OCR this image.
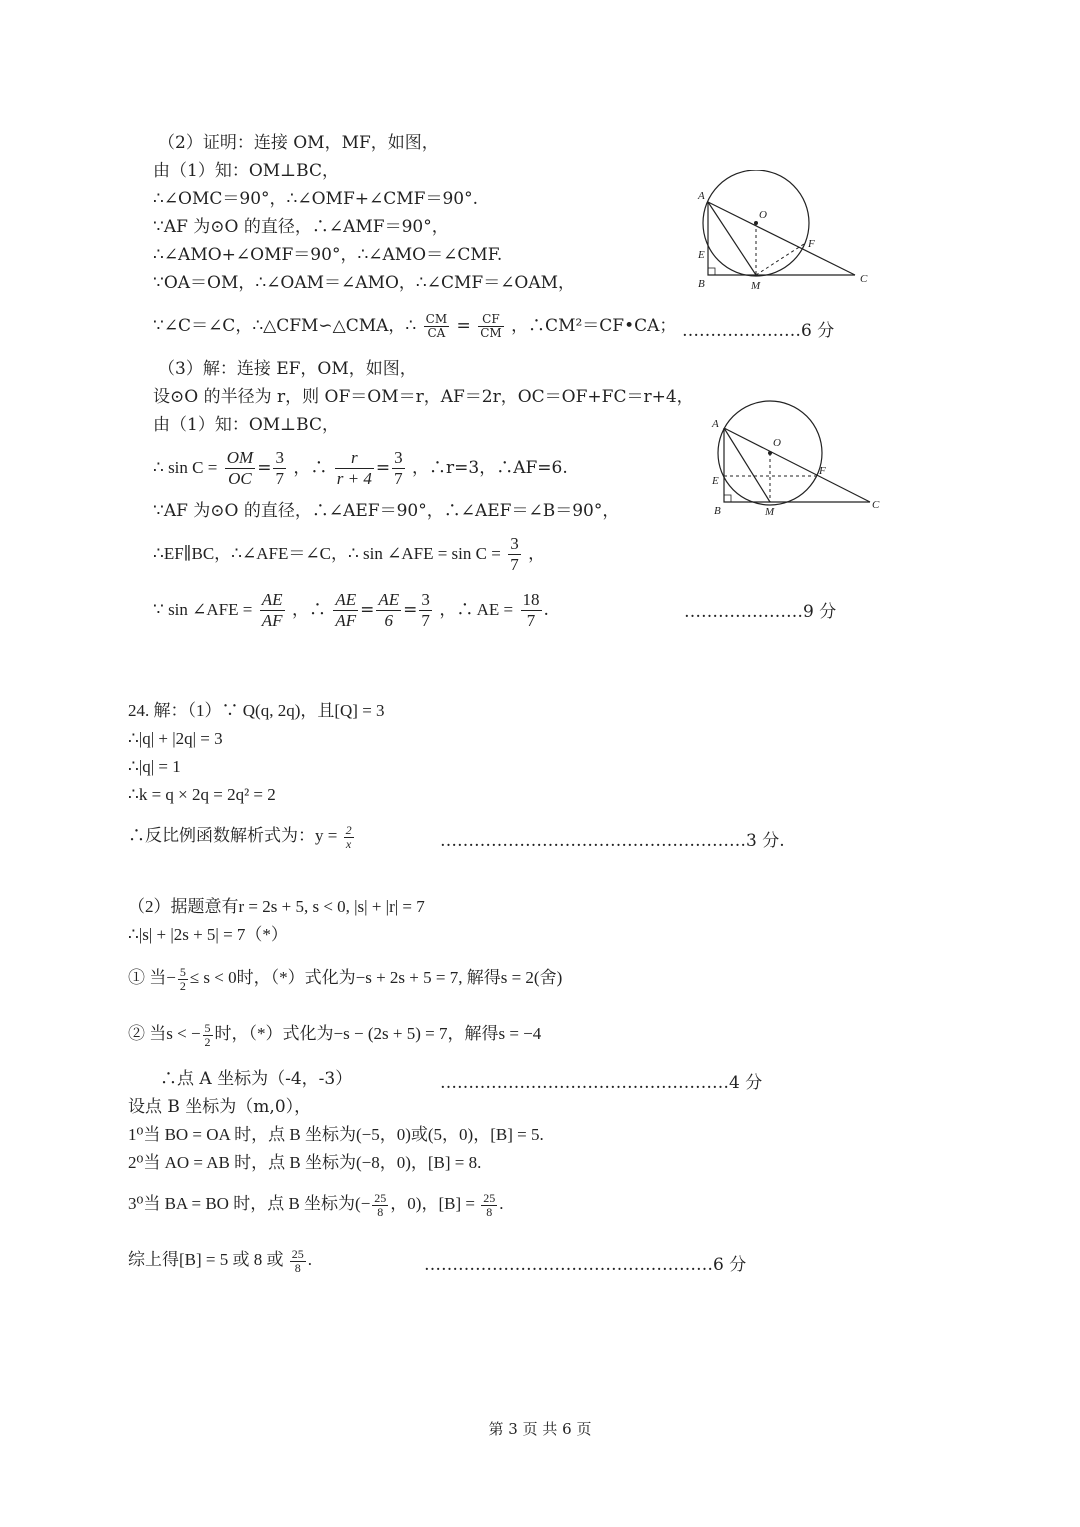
（2）证明：连接 OM，MF，如图，
由（1）知：OM⊥BC，
∴∠OMC＝90°，∴∠OMF+∠CMF＝90°.
∵AF 为⊙O 的直径，∴∠AMF＝90°，
∴∠AMO+∠OMF＝90°，∴∠AMO＝∠CMF.
∵OA＝OM，∴∠OAM＝∠AMO，∴∠CMF＝∠OAM，
∵∠C＝∠C，∴△CFM∽△CMA，∴ $\frac{CM}{CA} = \frac{CF}{CM}$ ，∴CM²＝CF•CA； …………………6 分
A
O
E
F
B	M
C
（3）解：连接 EF，OM，如图，
设⊙O 的半径为 r，则 OF＝OM＝r，AF＝2r，OC＝OF+FC＝r+4，
由（1）知：OM⊥BC，
∴ $\sin C = \frac{OM}{OC} = \frac{3}{7}$ ，∴ $\frac{r}{r + 4} = \frac{3}{7}$ ，∴r=3，∴AF=6.
∵AF 为⊙O 的直径，∴∠AEF＝90°，∴∠AEF＝∠B＝90°，
∴EF∥BC，∴∠AFE＝∠C，∴ sin ∠AFE = $\sin C = \frac{3}{7}$ ，
∵ sin ∠AFE = $\frac{AE}{AF}$ ，∴ $\frac{AE}{AF} = \frac{AE}{6} = \frac{3}{7}$ ，∴ AE = $\frac{18}{7}$ .	…………………9 分
A
O
E
F
B	M
C
24. 解：（1）∵ Q(q, 2q)，且[Q] = 3
∴|q| + |2q| = 3
∴|q| = 1
∴k = q × 2q = 2q² = 2
∴反比例函数解析式为：$y = \frac{2}{x}$	………………………………………………3 分.
（2）据题意有r = 2s + 5, s < 0, |s| + |r| = 7
∴|s| + |2s + 5| = 7（*）
① 当− $\frac{5}{2} \le s < 0$时，（*）式化为−s + 2s + 5 = 7, 解得s = 2(舍)
② 当s < − $\frac{5}{2}$ 时，（*）式化为−s − (2s + 5) = 7，解得s = −4
∴点 A 坐标为（-4，-3）	……………………………………………4 分
设点 B 坐标为（m,0），
1⁰当 BO = OA 时，点 B 坐标为(−5，0)或(5，0)，[B] = 5.
2⁰当 AO = AB 时，点 B 坐标为(−8，0)，[B] = 8.
3⁰当 BA = BO 时，点 B 坐标为(− $\frac{25}{8}$ ，0)，$[B] = \frac{25}{8}$ .
综上得[B] = 5 或 8 或 $\frac{25}{8}$ .	……………………………………………6 分
第 3 页 共 6 页
